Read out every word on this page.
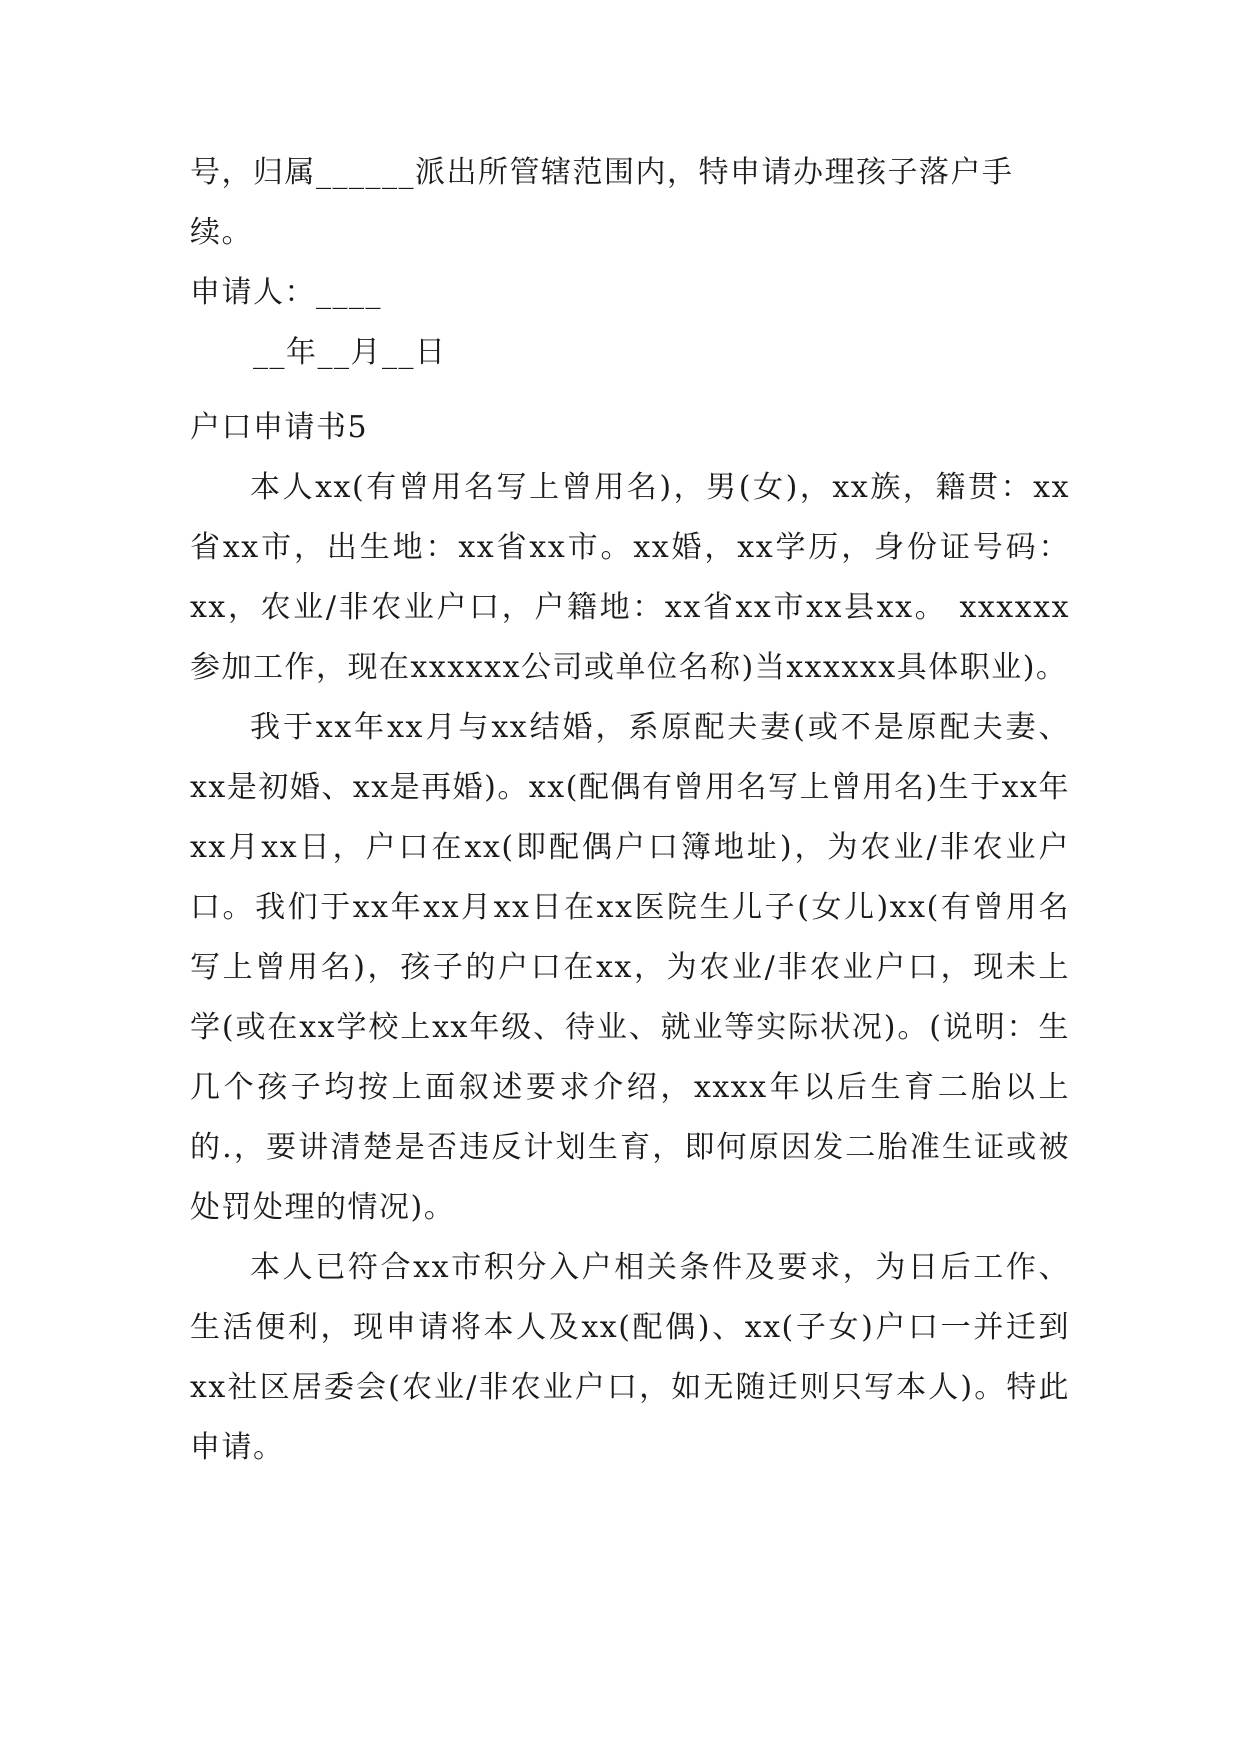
号，归属______派出所管辖范围内，特申请办理孩子落户手

续。

申请人：____

__年__月__日

户口申请书5

本人xx(有曾用名写上曾用名)，男(女)，xx族，籍贯：xx省xx市，出生地：xx省xx市。xx婚，xx学历，身份证号码：xx，农业/非农业户口，户籍地：xx省xx市xx县xx。 xxxxxx参加工作，现在xxxxxx公司或单位名称)当xxxxxx具体职业)。

我于xx年xx月与xx结婚，系原配夫妻(或不是原配夫妻、xx是初婚、xx是再婚)。xx(配偶有曾用名写上曾用名)生于xx年xx月xx日，户口在xx(即配偶户口簿地址)，为农业/非农业户口。我们于xx年xx月xx日在xx医院生儿子(女儿)xx(有曾用名写上曾用名)，孩子的户口在xx，为农业/非农业户口，现未上学(或在xx学校上xx年级、待业、就业等实际状况)。(说明：生几个孩子均按上面叙述要求介绍，xxxx年以后生育二胎以上的.，要讲清楚是否违反计划生育，即何原因发二胎准生证或被处罚处理的情况)。

本人已符合xx市积分入户相关条件及要求，为日后工作、生活便利，现申请将本人及xx(配偶)、xx(子女)户口一并迁到xx社区居委会(农业/非农业户口，如无随迁则只写本人)。特此申请。
